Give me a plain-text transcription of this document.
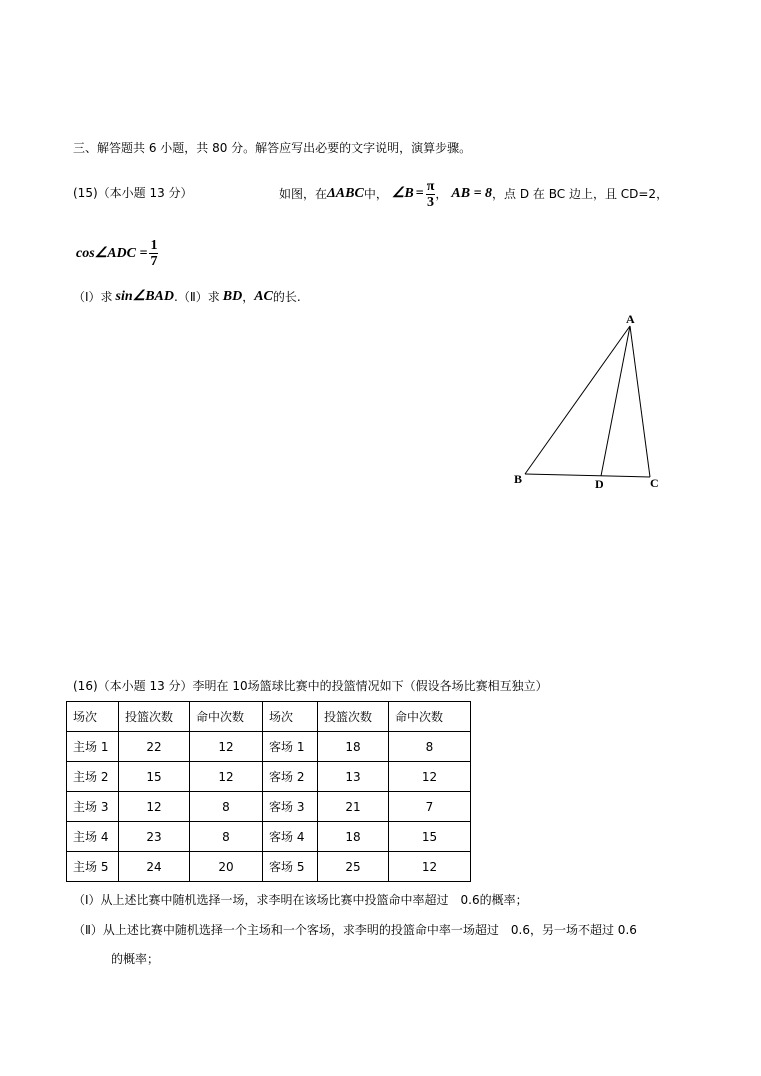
三、解答题共 6 小题，共 80 分。解答应写出必要的文字说明，演算步骤。
(15)（本小题 13 分）	如图，在 ΔABC 中， ∠B = $\frac{\pi}{3}$ ， AB = 8 ，点 D 在 BC 边上，且 CD=2，
cos∠ADC = $\frac{1}{7}$
（Ⅰ）求 sin∠BAD .（Ⅱ）求 BD ， AC 的长.
A
B	D	C
(16)（本小题 13 分）李明在 10场篮球比赛中的投篮情况如下（假设各场比赛相互独立）
场次	投篮次数	命中次数	场次	投篮次数	命中次数
主场 1	22	12	客场 1	18	8
主场 2	15	12	客场 2	13	12
主场 3	12	8	客场 3	21	7
主场 4	23	8	客场 4	18	15
主场 5	24	20	客场 5	25	12
（Ⅰ）从上述比赛中随机选择一场，求李明在该场比赛中投篮命中率超过　0.6的概率；
（Ⅱ）从上述比赛中随机选择一个主场和一个客场，求李明的投篮命中率一场超过　0.6，另一场不超过 0.6
的概率；
